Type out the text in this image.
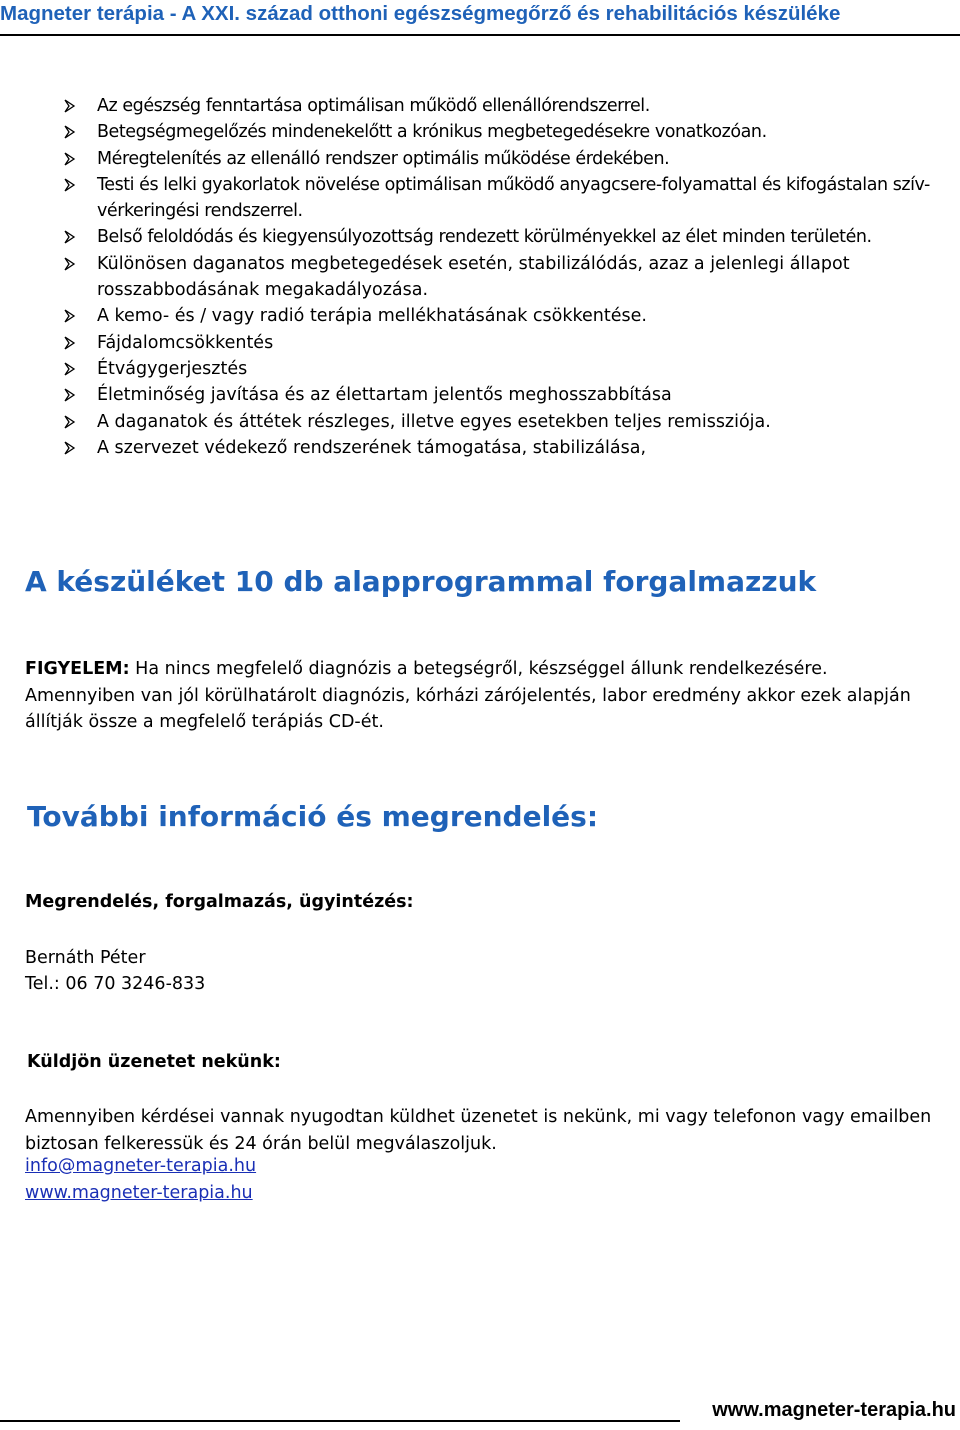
Magneter terápia - A XXI. század otthoni egészségmegőrző és rehabilitációs készüléke
Az egészség fenntartása optimálisan működő ellenállórendszerrel.
Betegségmegelőzés mindenekelőtt a krónikus megbetegedésekre vonatkozóan.
Méregtelenítés az ellenálló rendszer optimális működése érdekében.
Testi és lelki gyakorlatok növelése optimálisan működő anyagcsere-folyamattal és kifogástalan szív- vérkeringési rendszerrel.
Belső feloldódás és kiegyensúlyozottság rendezett körülményekkel az élet minden területén.
Különösen daganatos megbetegedések esetén, stabilizálódás, azaz a jelenlegi állapot rosszabbodásának megakadályozása.
A kemo- és / vagy radió terápia mellékhatásának csökkentése.
Fájdalomcsökkentés
Étvágygerjesztés
Életminőség javítása és az élettartam jelentős meghosszabbítása
A daganatok és áttétek részleges, illetve egyes esetekben teljes remissziója.
A szervezet védekező rendszerének támogatása, stabilizálása,
A készüléket 10 db alapprogrammal forgalmazzuk

FIGYELEM: Ha nincs megfelelő diagnózis a betegségről, készséggel állunk rendelkezésére. Amennyiben van jól körülhatárolt diagnózis, kórházi zárójelentés, labor eredmény akkor ezek alapján állítják össze a megfelelő terápiás CD-ét.

További információ és megrendelés:

Megrendelés, forgalmazás, ügyintézés:

Bernáth Péter

Tel.: 06 70 3246-833

Küldjön üzenetet nekünk:

Amennyiben kérdései vannak nyugodtan küldhet üzenetet is nekünk, mi vagy telefonon vagy emailben biztosan felkeressük és 24 órán belül megválaszoljuk.

info@magneter-terapia.hu
www.magneter-terapia.hu
www.magneter-terapia.hu
